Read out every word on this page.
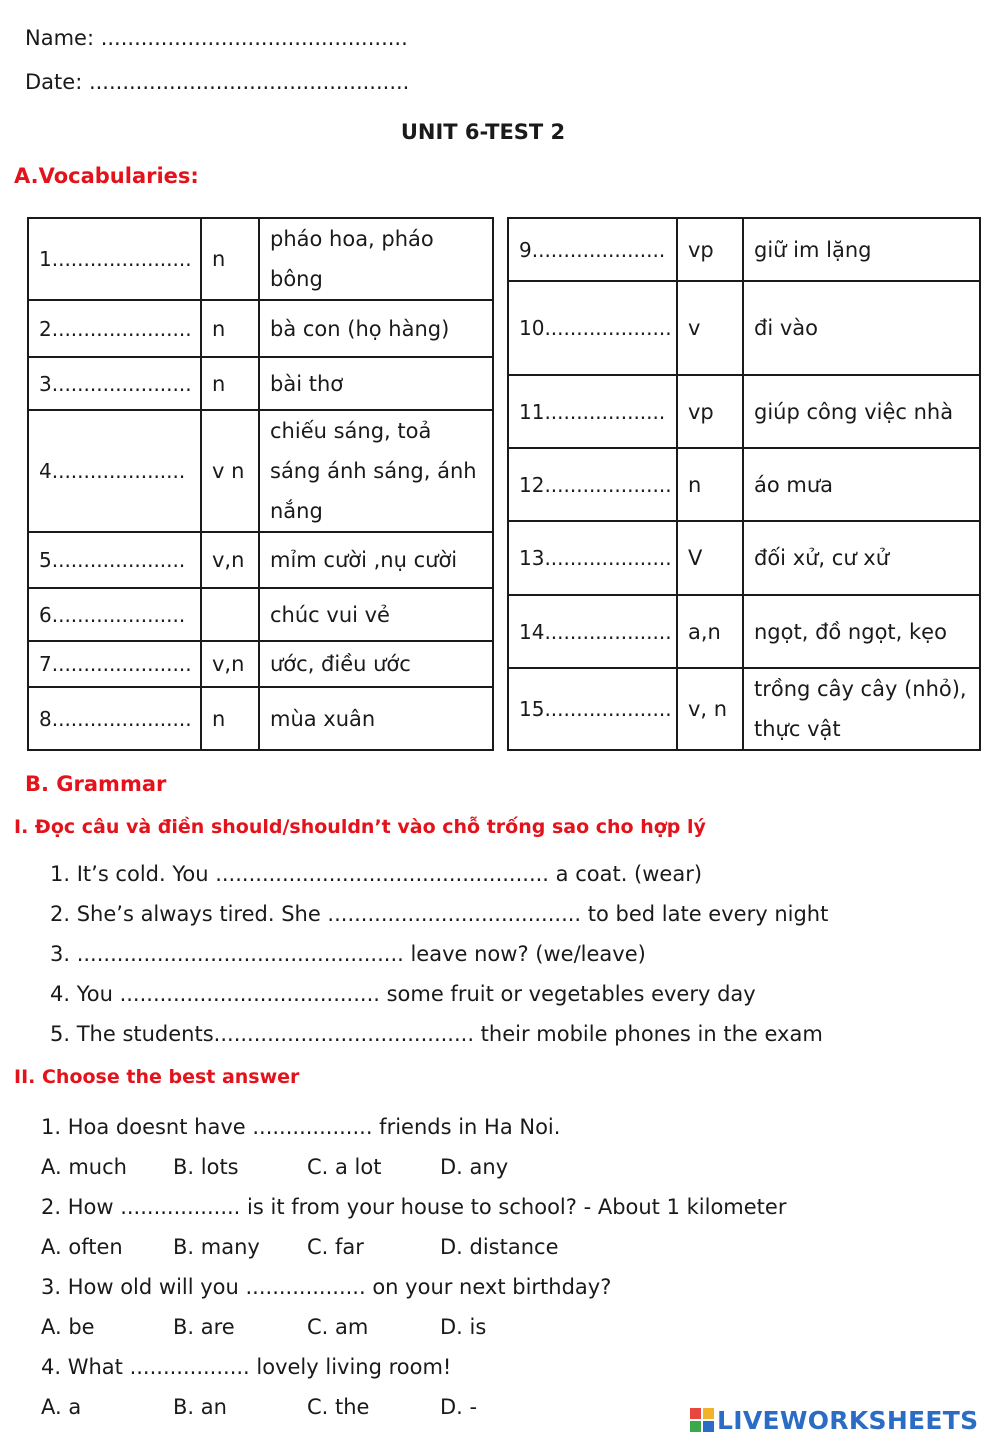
Name: ..............................................
Date: ................................................
UNIT 6-TEST 2
A.Vocabularies:
1......................	n	pháo hoa, pháo bông
2......................	n	bà con (họ hàng)
3......................	n	bài thơ
4.....................	v n	chiếu sáng, toả sáng ánh sáng, ánh nắng
5.....................	v,n	mỉm cười ,nụ cười
6.....................		chúc vui vẻ
7......................	v,n	ước, điều ước
8......................	n	mùa xuân
9.....................	vp	giữ im lặng
10....................	v	đi vào
11...................	vp	giúp công việc nhà
12....................	n	áo mưa
13....................	V	đối xử, cư xử
14....................	a,n	ngọt, đồ ngọt, kẹo
15....................	v, n	trồng cây cây (nhỏ), thực vật
B. Grammar
I. Đọc câu và điền should/shouldn’t vào chỗ trống sao cho hợp lý
1. It’s cold. You .................................................. a coat. (wear)
2. She’s always tired. She ...................................... to bed late every night
3. ................................................. leave now? (we/leave)
4. You ....................................... some fruit or vegetables every day
5. The students....................................... their mobile phones in the exam
II. Choose the best answer
1. Hoa doesnt have .................. friends in Ha Noi.
A. much B. lots	C. a lot	D. any
2. How .................. is it from your house to school? - About 1 kilometer
A. often B. many C. far	D. distance
3. How old will you .................. on your next birthday?
A. be	B. are	C. am	D. is
4. What .................. lovely living room!
A. a	B. an	C. the	D. -	LIVEWORKSHEETS
